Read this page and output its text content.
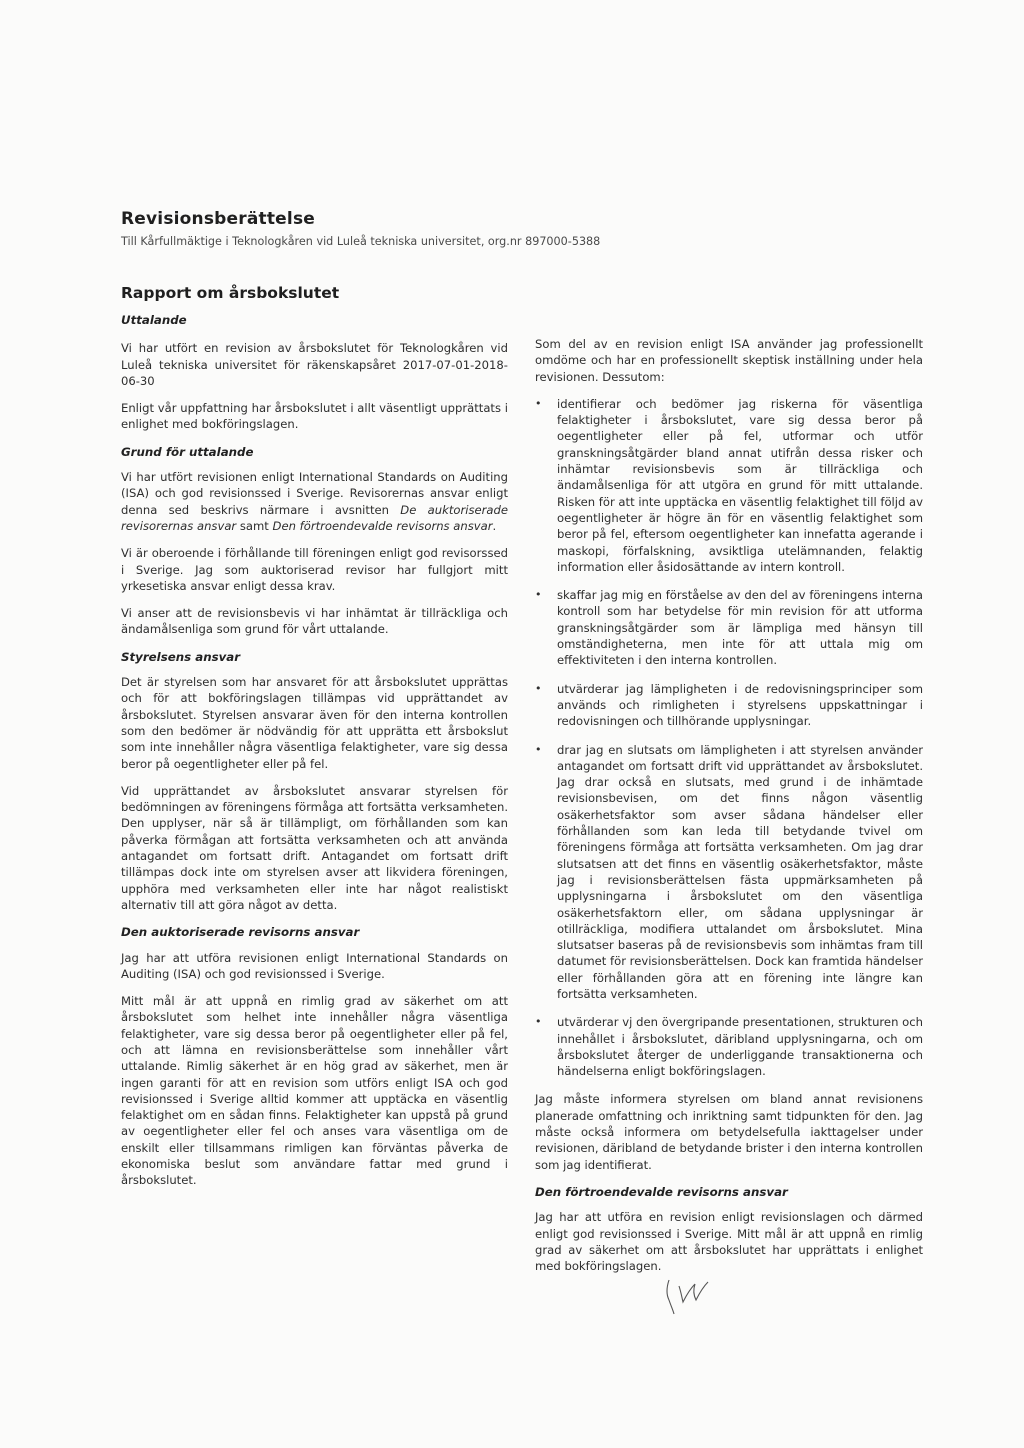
Revisionsberättelse

Till Kårfullmäktige i Teknologkåren vid Luleå tekniska universitet, org.nr 897000-5388

Rapport om årsbokslutet
Uttalande

Vi har utfört en revision av årsbokslutet för Teknologkåren vid Luleå tekniska universitet för räkenskapsåret 2017-07-01-2018-06-30

Enligt vår uppfattning har årsbokslutet i allt väsentligt upprättats i enlighet med bokföringslagen.

Grund för uttalande

Vi har utfört revisionen enligt International Standards on Auditing (ISA) och god revisionssed i Sverige. Revisorernas ansvar enligt denna sed beskrivs närmare i avsnitten De auktoriserade revisorernas ansvar samt Den förtroendevalde revisorns ansvar.

Vi är oberoende i förhållande till föreningen enligt god revisorssed i Sverige. Jag som auktoriserad revisor har fullgjort mitt yrkesetiska ansvar enligt dessa krav.

Vi anser att de revisionsbevis vi har inhämtat är tillräckliga och ändamålsenliga som grund för vårt uttalande.

Styrelsens ansvar

Det är styrelsen som har ansvaret för att årsbokslutet upprättas och för att bokföringslagen tillämpas vid upprättandet av årsbokslutet. Styrelsen ansvarar även för den interna kontrollen som den bedömer är nödvändig för att upprätta ett årsbokslut som inte innehåller några väsentliga felaktigheter, vare sig dessa beror på oegentligheter eller på fel.

Vid upprättandet av årsbokslutet ansvarar styrelsen för bedömningen av föreningens förmåga att fortsätta verksamheten. Den upplyser, när så är tillämpligt, om förhållanden som kan påverka förmågan att fortsätta verksamheten och att använda antagandet om fortsatt drift. Antagandet om fortsatt drift tillämpas dock inte om styrelsen avser att likvidera föreningen, upphöra med verksamheten eller inte har något realistiskt alternativ till att göra något av detta.

Den auktoriserade revisorns ansvar

Jag har att utföra revisionen enligt International Standards on Auditing (ISA) och god revisionssed i Sverige.

Mitt mål är att uppnå en rimlig grad av säkerhet om att årsbokslutet som helhet inte innehåller några väsentliga felaktigheter, vare sig dessa beror på oegentligheter eller på fel, och att lämna en revisionsberättelse som innehåller vårt uttalande. Rimlig säkerhet är en hög grad av säkerhet, men är ingen garanti för att en revision som utförs enligt ISA och god revisionssed i Sverige alltid kommer att upptäcka en väsentlig felaktighet om en sådan finns. Felaktigheter kan uppstå på grund av oegentligheter eller fel och anses vara väsentliga om de enskilt eller tillsammans rimligen kan förväntas påverka de ekonomiska beslut som användare fattar med grund i årsbokslutet.

Som del av en revision enligt ISA använder jag professionellt omdöme och har en professionellt skeptisk inställning under hela revisionen. Dessutom:

• identifierar och bedömer jag riskerna för väsentliga felaktigheter i årsbokslutet, vare sig dessa beror på oegentligheter eller på fel, utformar och utför granskningsåtgärder bland annat utifrån dessa risker och inhämtar revisionsbevis som är tillräckliga och ändamålsenliga för att utgöra en grund för mitt uttalande. Risken för att inte upptäcka en väsentlig felaktighet till följd av oegentligheter är högre än för en väsentlig felaktighet som beror på fel, eftersom oegentligheter kan innefatta agerande i maskopi, förfalskning, avsiktliga utelämnanden, felaktig information eller åsidosättande av intern kontroll.
• skaffar jag mig en förståelse av den del av föreningens interna kontroll som har betydelse för min revision för att utforma granskningsåtgärder som är lämpliga med hänsyn till omständigheterna, men inte för att uttala mig om effektiviteten i den interna kontrollen.
• utvärderar jag lämpligheten i de redovisningsprinciper som används och rimligheten i styrelsens uppskattningar i redovisningen och tillhörande upplysningar.
• drar jag en slutsats om lämpligheten i att styrelsen använder antagandet om fortsatt drift vid upprättandet av årsbokslutet. Jag drar också en slutsats, med grund i de inhämtade revisionsbevisen, om det finns någon väsentlig osäkerhetsfaktor som avser sådana händelser eller förhållanden som kan leda till betydande tvivel om föreningens förmåga att fortsätta verksamheten. Om jag drar slutsatsen att det finns en väsentlig osäkerhetsfaktor, måste jag i revisionsberättelsen fästa uppmärksamheten på upplysningarna i årsbokslutet om den väsentliga osäkerhetsfaktorn eller, om sådana upplysningar är otillräckliga, modifiera uttalandet om årsbokslutet. Mina slutsatser baseras på de revisionsbevis som inhämtas fram till datumet för revisionsberättelsen. Dock kan framtida händelser eller förhållanden göra att en förening inte längre kan fortsätta verksamheten.
• utvärderar vj den övergripande presentationen, strukturen och innehållet i årsbokslutet, däribland upplysningarna, och om årsbokslutet återger de underliggande transaktionerna och händelserna enligt bokföringslagen.

Jag måste informera styrelsen om bland annat revisionens planerade omfattning och inriktning samt tidpunkten för den. Jag måste också informera om betydelsefulla iakttagelser under revisionen, däribland de betydande brister i den interna kontrollen som jag identifierat.

Den förtroendevalde revisorns ansvar

Jag har att utföra en revision enligt revisionslagen och därmed enligt god revisionssed i Sverige. Mitt mål är att uppnå en rimlig grad av säkerhet om att årsbokslutet har upprättats i enlighet med bokföringslagen.
